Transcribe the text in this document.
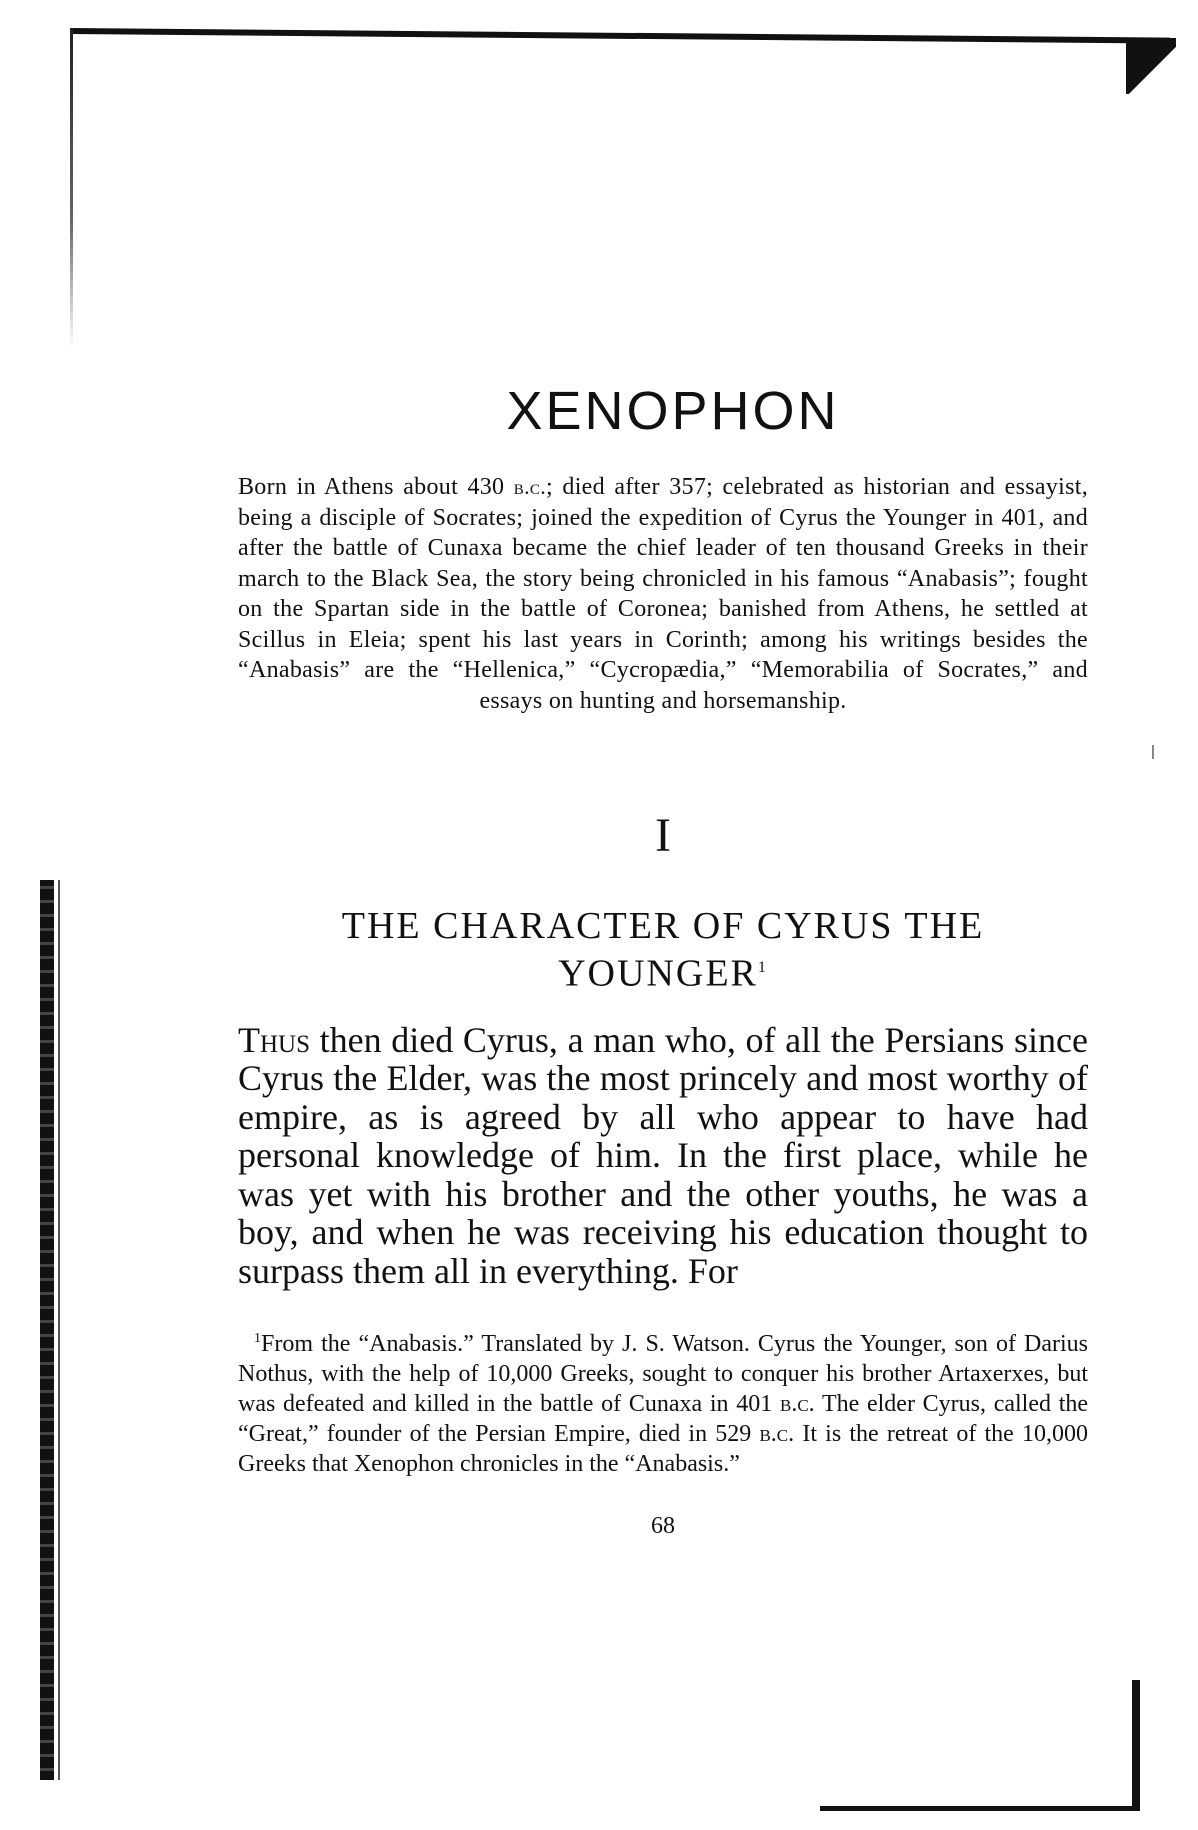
XENOPHON

Born in Athens about 430 b.c.; died after 357; celebrated as historian and essayist, being a disciple of Socrates; joined the expedition of Cyrus the Younger in 401, and after the battle of Cunaxa became the chief leader of ten thousand Greeks in their march to the Black Sea, the story being chronicled in his famous “Anabasis”; fought on the Spartan side in the battle of Coronea; banished from Athens, he settled at Scillus in Eleia; spent his last years in Corinth; among his writings besides the “Anabasis” are the “Hellenica,” “Cycropædia,” “Memorabilia of Socrates,” and essays on hunting and horsemanship.

I
THE CHARACTER OF CYRUS THE YOUNGER$^1$

Thus then died Cyrus, a man who, of all the Persians since Cyrus the Elder, was the most princely and most worthy of empire, as is agreed by all who appear to have had personal knowledge of him. In the first place, while he was yet with his brother and the other youths, he was a boy, and when he was receiving his education thought to surpass them all in everything. For

$^1$From the “Anabasis.” Translated by J. S. Watson. Cyrus the Younger, son of Darius Nothus, with the help of 10,000 Greeks, sought to conquer his brother Artaxerxes, but was defeated and killed in the battle of Cunaxa in 401 b.c. The elder Cyrus, called the “Great,” founder of the Persian Empire, died in 529 b.c. It is the retreat of the 10,000 Greeks that Xenophon chronicles in the “Anabasis.”

68
